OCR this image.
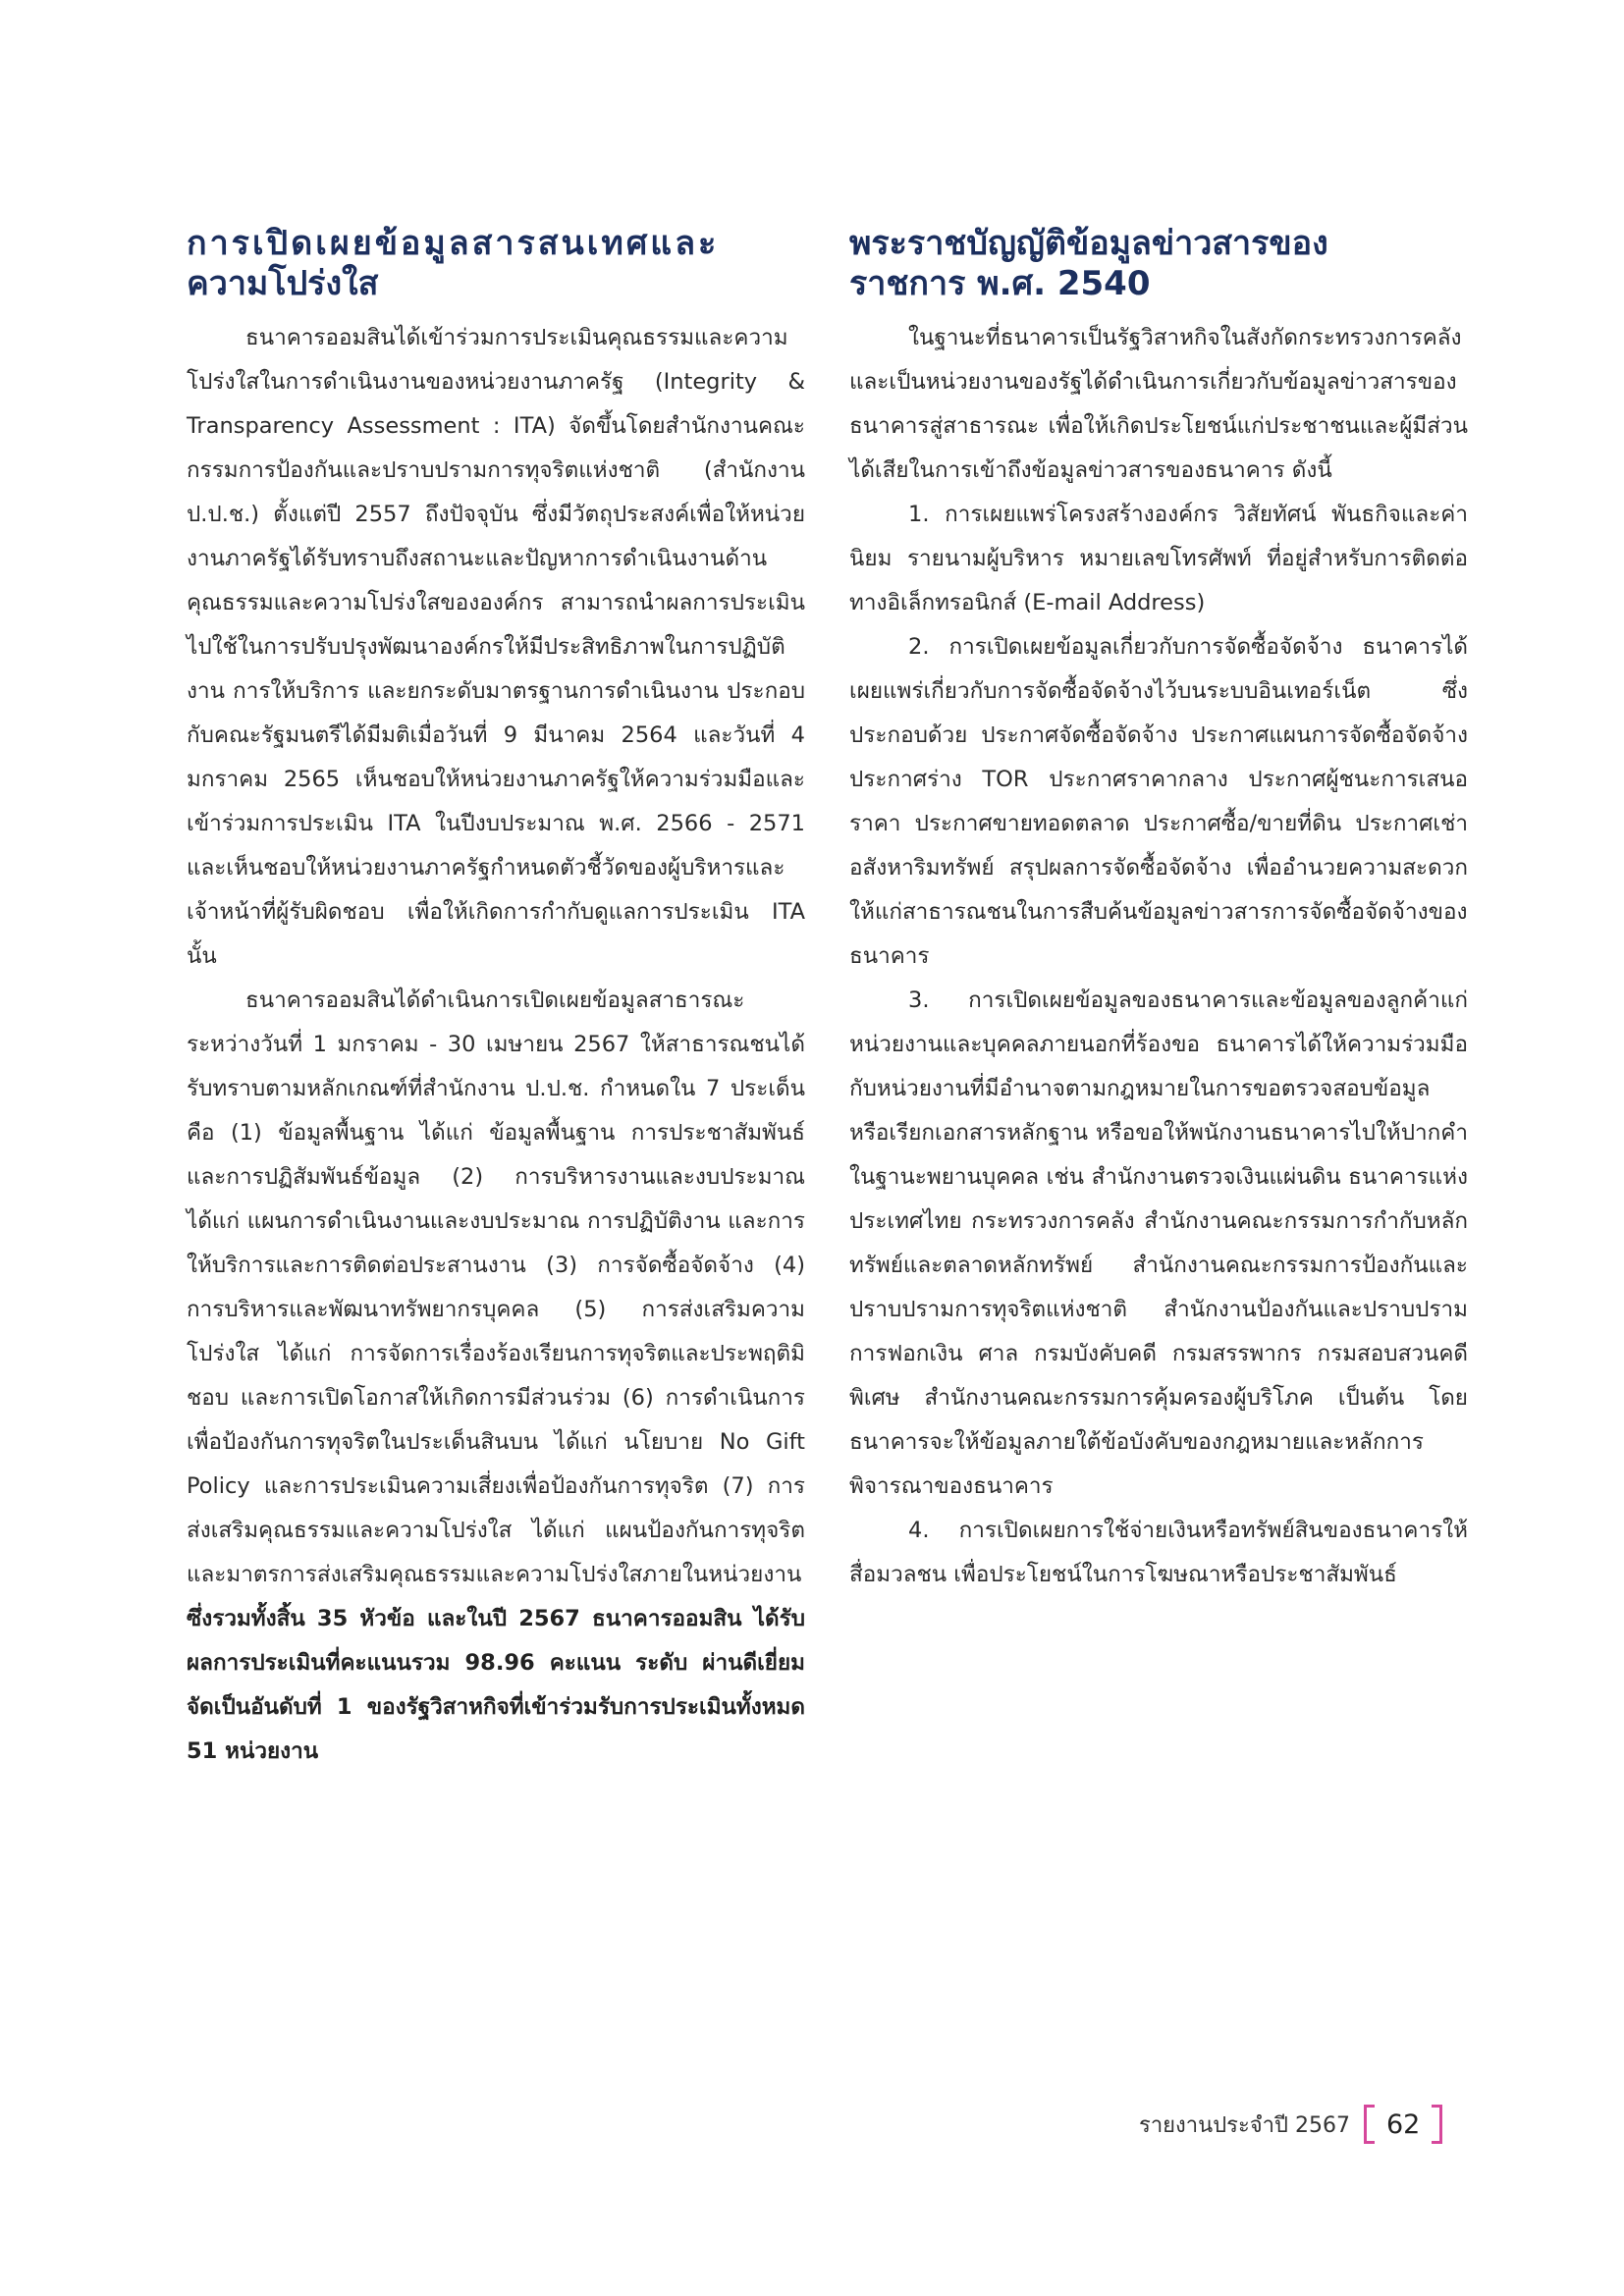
การเปิดเผยข้อมูลสารสนเทศและ
ความโปร่งใส

ธนาคารออมสินได้เข้าร่วมการประเมินคุณธรรมและความโปร่งใสในการดำเนินงานของหน่วยงานภาครัฐ (Integrity & Transparency Assessment : ITA) จัดขึ้นโดยสำนักงานคณะกรรมการป้องกันและปราบปรามการทุจริตแห่งชาติ (สำนักงาน ป.ป.ช.) ตั้งแต่ปี 2557 ถึงปัจจุบัน ซึ่งมีวัตถุประสงค์เพื่อให้หน่วยงานภาครัฐได้รับทราบถึงสถานะและปัญหาการดำเนินงานด้านคุณธรรมและความโปร่งใสขององค์กร สามารถนำผลการประเมินไปใช้ในการปรับปรุงพัฒนาองค์กรให้มีประสิทธิภาพในการปฏิบัติงาน การให้บริการ และยกระดับมาตรฐานการดำเนินงาน ประกอบกับคณะรัฐมนตรีได้มีมติเมื่อวันที่ 9 มีนาคม 2564 และวันที่ 4 มกราคม 2565 เห็นชอบให้หน่วยงานภาครัฐให้ความร่วมมือและเข้าร่วมการประเมิน ITA ในปีงบประมาณ พ.ศ. 2566 - 2571 และเห็นชอบให้หน่วยงานภาครัฐกำหนดตัวชี้วัดของผู้บริหารและเจ้าหน้าที่ผู้รับผิดชอบ เพื่อให้เกิดการกำกับดูแลการประเมิน ITA นั้น

ธนาคารออมสินได้ดำเนินการเปิดเผยข้อมูลสาธารณะระหว่างวันที่ 1 มกราคม - 30 เมษายน 2567 ให้สาธารณชนได้รับทราบตามหลักเกณฑ์ที่สำนักงาน ป.ป.ช. กำหนดใน 7 ประเด็น คือ (1) ข้อมูลพื้นฐาน ได้แก่ ข้อมูลพื้นฐาน การประชาสัมพันธ์ และการปฏิสัมพันธ์ข้อมูล (2) การบริหารงานและงบประมาณ ได้แก่ แผนการดำเนินงานและงบประมาณ การปฏิบัติงาน และการให้บริการและการติดต่อประสานงาน (3) การจัดซื้อจัดจ้าง (4) การบริหารและพัฒนาทรัพยากรบุคคล (5) การส่งเสริมความโปร่งใส ได้แก่ การจัดการเรื่องร้องเรียนการทุจริตและประพฤติมิชอบ และการเปิดโอกาสให้เกิดการมีส่วนร่วม (6) การดำเนินการเพื่อป้องกันการทุจริตในประเด็นสินบน ได้แก่ นโยบาย No Gift Policy และการประเมินความเสี่ยงเพื่อป้องกันการทุจริต (7) การส่งเสริมคุณธรรมและความโปร่งใส ได้แก่ แผนป้องกันการทุจริต และมาตรการส่งเสริมคุณธรรมและความโปร่งใสภายในหน่วยงาน ซึ่งรวมทั้งสิ้น 35 หัวข้อ และในปี 2567 ธนาคารออมสิน ได้รับผลการประเมินที่คะแนนรวม 98.96 คะแนน ระดับ ผ่านดีเยี่ยม จัดเป็นอันดับที่ 1 ของรัฐวิสาหกิจที่เข้าร่วมรับการประเมินทั้งหมด 51 หน่วยงาน

พระราชบัญญัติข้อมูลข่าวสารของ
ราชการ พ.ศ. 2540

ในฐานะที่ธนาคารเป็นรัฐวิสาหกิจในสังกัดกระทรวงการคลัง และเป็นหน่วยงานของรัฐได้ดำเนินการเกี่ยวกับข้อมูลข่าวสารของธนาคารสู่สาธารณะ เพื่อให้เกิดประโยชน์แก่ประชาชนและผู้มีส่วนได้เสียในการเข้าถึงข้อมูลข่าวสารของธนาคาร ดังนี้

1. การเผยแพร่โครงสร้างองค์กร วิสัยทัศน์ พันธกิจและค่านิยม รายนามผู้บริหาร หมายเลขโทรศัพท์ ที่อยู่สำหรับการติดต่อทางอิเล็กทรอนิกส์ (E-mail Address)

2. การเปิดเผยข้อมูลเกี่ยวกับการจัดซื้อจัดจ้าง ธนาคารได้เผยแพร่เกี่ยวกับการจัดซื้อจัดจ้างไว้บนระบบอินเทอร์เน็ต ซึ่งประกอบด้วย ประกาศจัดซื้อจัดจ้าง ประกาศแผนการจัดซื้อจัดจ้าง ประกาศร่าง TOR ประกาศราคากลาง ประกาศผู้ชนะการเสนอราคา ประกาศขายทอดตลาด ประกาศซื้อ/ขายที่ดิน ประกาศเช่าอสังหาริมทรัพย์ สรุปผลการจัดซื้อจัดจ้าง เพื่ออำนวยความสะดวกให้แก่สาธารณชนในการสืบค้นข้อมูลข่าวสารการจัดซื้อจัดจ้างของธนาคาร

3. การเปิดเผยข้อมูลของธนาคารและข้อมูลของลูกค้าแก่หน่วยงานและบุคคลภายนอกที่ร้องขอ ธนาคารได้ให้ความร่วมมือกับหน่วยงานที่มีอำนาจตามกฎหมายในการขอตรวจสอบข้อมูลหรือเรียกเอกสารหลักฐาน หรือขอให้พนักงานธนาคารไปให้ปากคำในฐานะพยานบุคคล เช่น สำนักงานตรวจเงินแผ่นดิน ธนาคารแห่งประเทศไทย กระทรวงการคลัง สำนักงานคณะกรรมการกำกับหลักทรัพย์และตลาดหลักทรัพย์ สำนักงานคณะกรรมการป้องกันและปราบปรามการทุจริตแห่งชาติ สำนักงานป้องกันและปราบปรามการฟอกเงิน ศาล กรมบังคับคดี กรมสรรพากร กรมสอบสวนคดีพิเศษ สำนักงานคณะกรรมการคุ้มครองผู้บริโภค เป็นต้น โดยธนาคารจะให้ข้อมูลภายใต้ข้อบังคับของกฎหมายและหลักการพิจารณาของธนาคาร

4. การเปิดเผยการใช้จ่ายเงินหรือทรัพย์สินของธนาคารให้สื่อมวลชน เพื่อประโยชน์ในการโฆษณาหรือประชาสัมพันธ์

รายงานประจำปี 2567	62
